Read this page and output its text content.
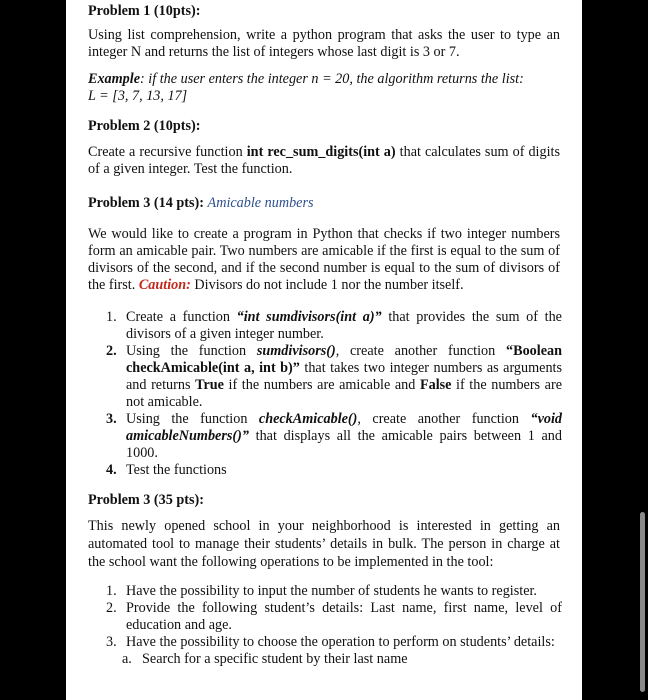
Problem 1 (10pts):

Using list comprehension, write a python program that asks the user to type an integer N and returns the list of integers whose last digit is 3 or 7.

Example: if the user enters the integer n = 20, the algorithm returns the list:
L = [3, 7, 13, 17]

Problem 2 (10pts):

Create a recursive function int rec_sum_digits(int a) that calculates sum of digits of a given integer. Test the function.

Problem 3 (14 pts): Amicable numbers

We would like to create a program in Python that checks if two integer numbers form an amicable pair. Two numbers are amicable if the first is equal to the sum of divisors of the second, and if the second number is equal to the sum of divisors of the first. Caution: Divisors do not include 1 nor the number itself.

1. Create a function “int sumdivisors(int a)” that provides the sum of the divisors of a given integer number.
2. Using the function sumdivisors(), create another function “Boolean checkAmicable(int a, int b)” that takes two integer numbers as arguments and returns True if the numbers are amicable and False if the numbers are not amicable.
3. Using the function checkAmicable(), create another function “void amicableNumbers()” that displays all the amicable pairs between 1 and 1000.
4. Test the functions
Problem 3 (35 pts):

This newly opened school in your neighborhood is interested in getting an automated tool to manage their students’ details in bulk. The person in charge at the school want the following operations to be implemented in the tool:

1. Have the possibility to input the number of students he wants to register.
2. Provide the following student’s details: Last name, first name, level of education and age.
3. Have the possibility to choose the operation to perform on students’ details:
a. Search for a specific student by their last name
